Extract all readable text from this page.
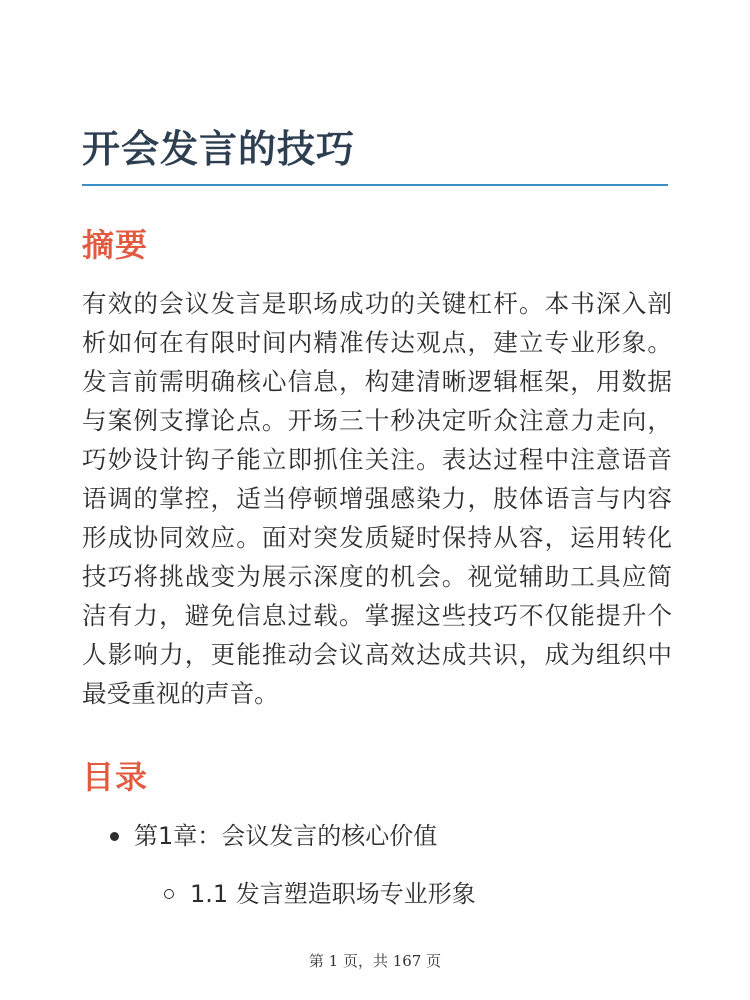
开会发言的技巧
摘要

有效的会议发言是职场成功的关键杠杆。本书深入剖析如何在有限时间内精准传达观点，建立专业形象。发言前需明确核心信息，构建清晰逻辑框架，用数据与案例支撑论点。开场三十秒决定听众注意力走向，巧妙设计钩子能立即抓住关注。表达过程中注意语音语调的掌控，适当停顿增强感染力，肢体语言与内容形成协同效应。面对突发质疑时保持从容，运用转化技巧将挑战变为展示深度的机会。视觉辅助工具应简洁有力，避免信息过载。掌握这些技巧不仅能提升个人影响力，更能推动会议高效达成共识，成为组织中最受重视的声音。

目录
第1章：会议发言的核心价值
1.1 发言塑造职场专业形象
第 1 页，共 167 页
